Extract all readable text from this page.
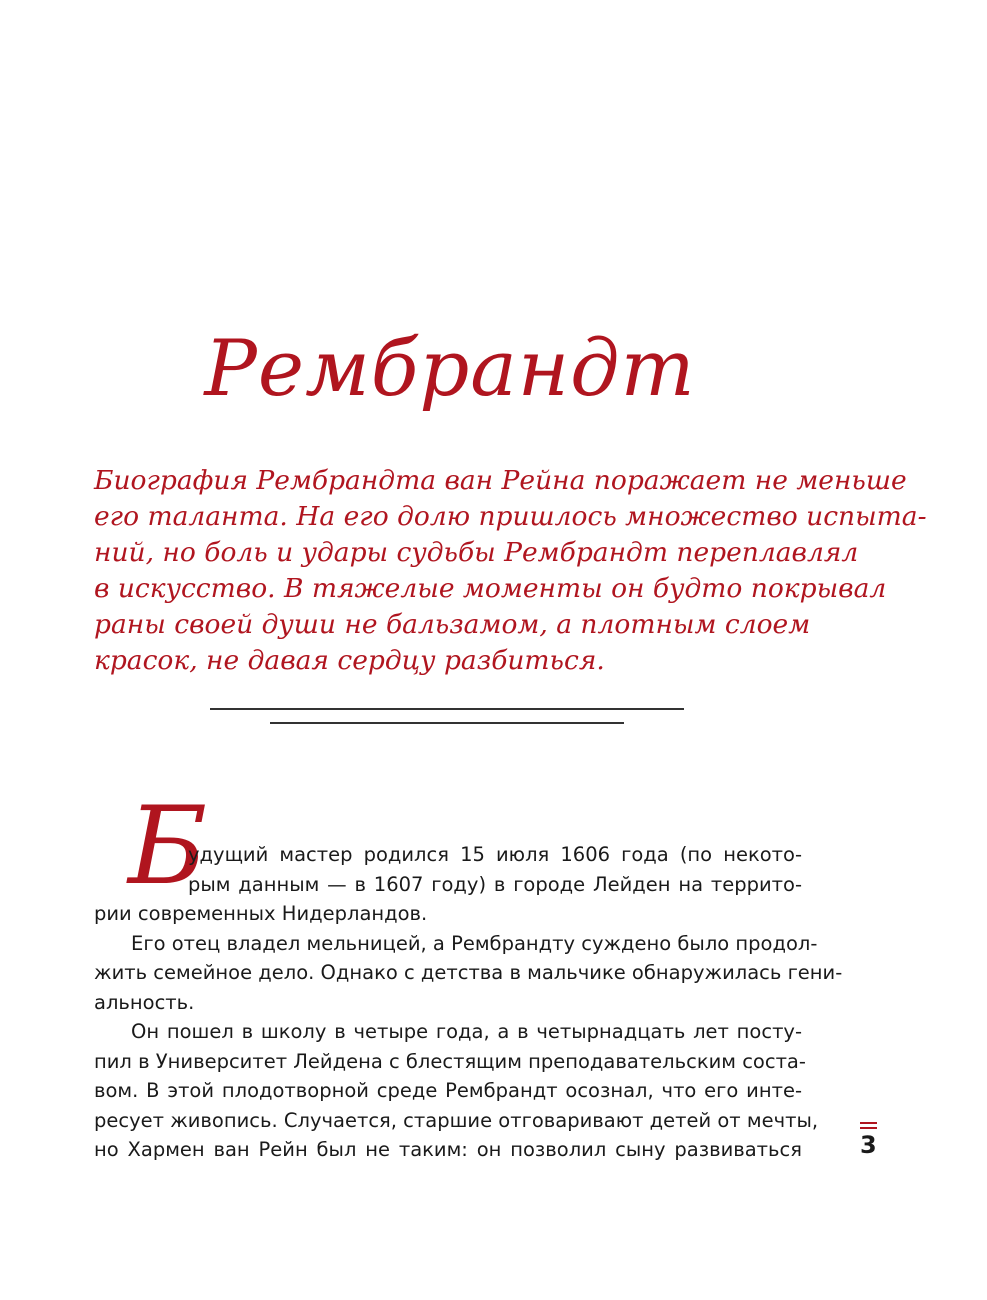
Рембрандт
Биография Рембрандта ван Рейна поражает не меньше
его таланта. На его долю пришлось множество испыта-
ний, но боль и удары судьбы Рембрандт переплавлял
в искусство. В тяжелые моменты он будто покрывал
раны своей души не бальзамом, а плотным слоем
красок, не давая сердцу разбиться.
Б
удущий мастер родился 15 июля 1606 года (по некото-
рым данным — в 1607 году) в городе Лейден на террито-
рии современных Нидерландов.
Его отец владел мельницей, а Рембрандту суждено было продол-
жить семейное дело. Однако с детства в мальчике обнаружилась гени-
альность.
Он пошел в школу в четыре года, а в четырнадцать лет посту-
пил в Университет Лейдена с блестящим преподавательским соста-
вом. В этой плодотворной среде Рембрандт осознал, что его инте-
ресует живопись. Случается, старшие отговаривают детей от мечты,
но Хармен ван Рейн был не таким: он позволил сыну развиваться 3
